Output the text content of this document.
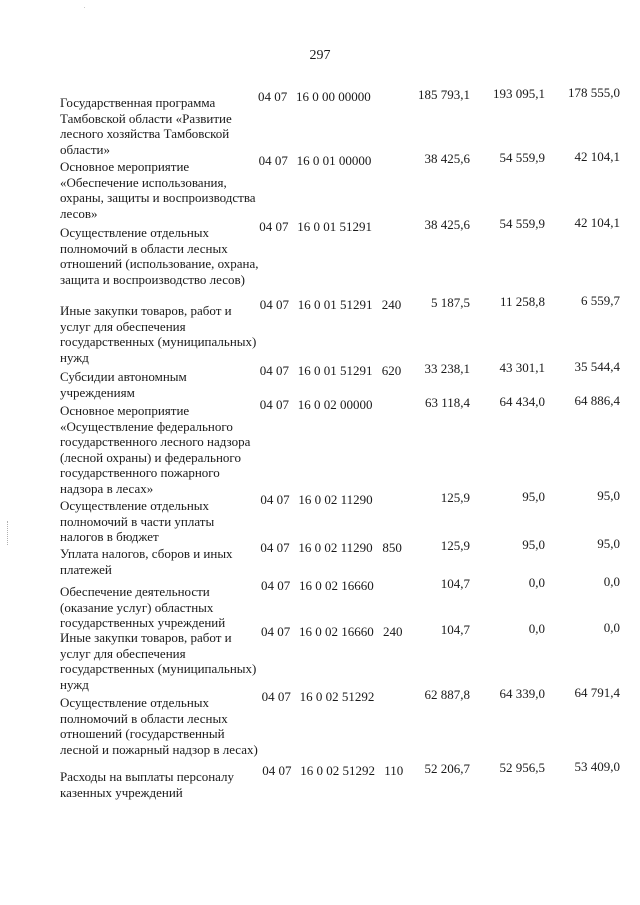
297
Государственная программа Тамбовской области «Развитие лесного хозяйства Тамбовской области»
04 07 16 0 00 00000	185 793,1	193 095,1	178 555,0
Основное мероприятие «Обеспечение использования, охраны, защиты и воспроизводства лесов»
04 07 16 0 01 00000	38 425,6	54 559,9	42 104,1
Осуществление отдельных полномочий в области лесных отношений (использование, охрана, защита и воспроизводство лесов)
04 07 16 0 01 51291	38 425,6	54 559,9	42 104,1
Иные закупки товаров, работ и услуг для обеспечения государственных (муниципальных) нужд
04 07 16 0 01 51291 240	5 187,5	11 258,8	6 559,7
Субсидии автономным учреждениям
04 07 16 0 01 51291 620	33 238,1	43 301,1	35 544,4
Основное мероприятие «Осуществление федерального государственного лесного надзора (лесной охраны) и федерального государственного пожарного надзора в лесах»
04 07 16 0 02 00000	63 118,4	64 434,0	64 886,4
Осуществление отдельных полномочий в части уплаты налогов в бюджет
04 07 16 0 02 11290	125,9	95,0	95,0
Уплата налогов, сборов и иных платежей
04 07 16 0 02 11290 850	125,9	95,0	95,0
Обеспечение деятельности (оказание услуг) областных государственных учреждений
04 07 16 0 02 16660	104,7	0,0	0,0
Иные закупки товаров, работ и услуг для обеспечения государственных (муниципальных) нужд
04 07 16 0 02 16660 240	104,7	0,0	0,0
Осуществление отдельных полномочий в области лесных отношений (государственный лесной и пожарный надзор в лесах)
04 07 16 0 02 51292	62 887,8	64 339,0	64 791,4
Расходы на выплаты персоналу казенных учреждений
04 07 16 0 02 51292 110	52 206,7	52 956,5	53 409,0
